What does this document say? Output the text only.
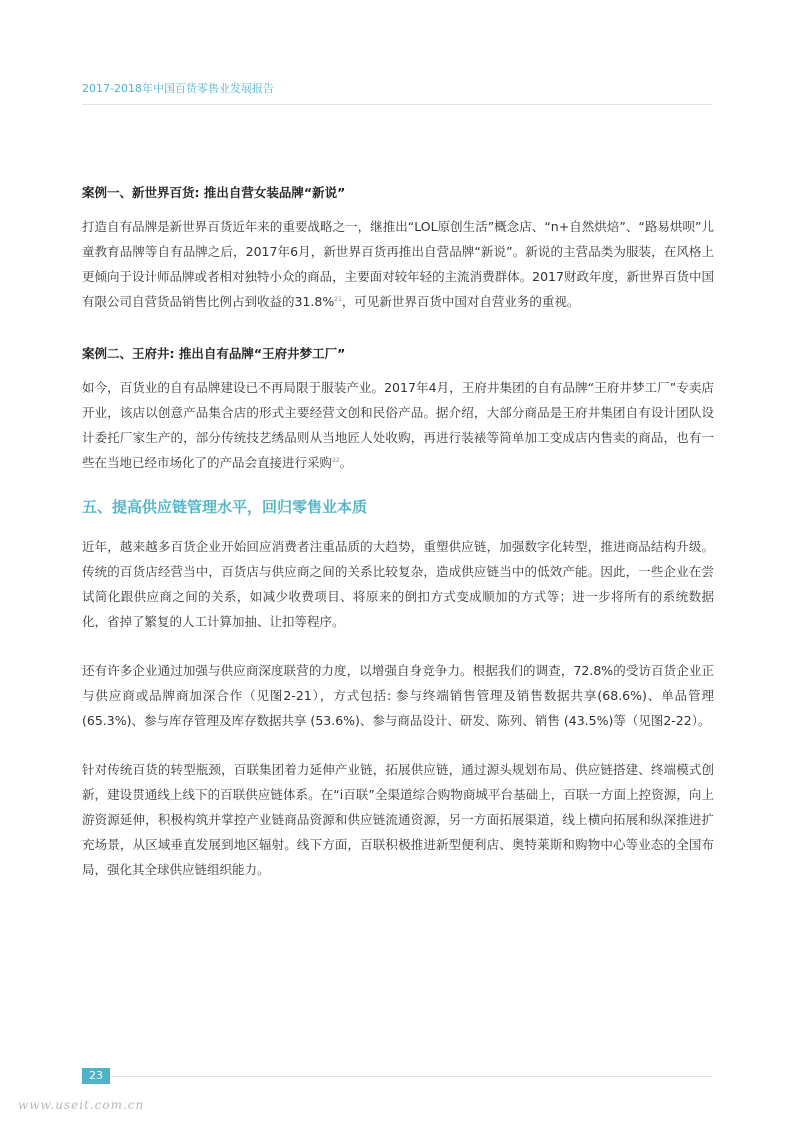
2017-2018年中国百货零售业发展报告

案例一、新世界百货: 推出自营女装品牌“新说”

打造自有品牌是新世界百货近年来的重要战略之一，继推出“LOL原创生活”概念店、“n+自然烘焙”、“路易烘呗”儿童教育品牌等自有品牌之后，2017年6月，新世界百货再推出自营品牌“新说”。新说的主营品类为服装，在风格上更倾向于设计师品牌或者相对独特小众的商品，主要面对较年轻的主流消费群体。2017财政年度，新世界百货中国有限公司自营货品销售比例占到收益的31.8%$^{21}$，可见新世界百货中国对自营业务的重视。

案例二、王府井: 推出自有品牌“王府井梦工厂”

如今，百货业的自有品牌建设已不再局限于服装产业。2017年4月，王府井集团的自有品牌“王府井梦工厂”专卖店开业，该店以创意产品集合店的形式主要经营文创和民俗产品。据介绍，大部分商品是王府井集团自有设计团队设计委托厂家生产的，部分传统技艺绣品则从当地匠人处收购，再进行装裱等简单加工变成店内售卖的商品，也有一些在当地已经市场化了的产品会直接进行采购$^{22}$。

五、提高供应链管理水平，回归零售业本质

近年，越来越多百货企业开始回应消费者注重品质的大趋势，重塑供应链，加强数字化转型，推进商品结构升级。传统的百货店经营当中，百货店与供应商之间的关系比较复杂，造成供应链当中的低效产能。因此，一些企业在尝试简化跟供应商之间的关系，如减少收费项目、将原来的倒扣方式变成顺加的方式等；进一步将所有的系统数据化，省掉了繁复的人工计算加抽、让扣等程序。

还有许多企业通过加强与供应商深度联营的力度，以增强自身竞争力。根据我们的调查，72.8%的受访百货企业正与供应商或品牌商加深合作（见图2-21），方式包括: 参与终端销售管理及销售数据共享(68.6%)、单品管理 (65.3%)、参与库存管理及库存数据共享 (53.6%)、参与商品设计、研发、陈列、销售 (43.5%)等（见图2-22）。

针对传统百货的转型瓶颈，百联集团着力延伸产业链，拓展供应链，通过源头规划布局、供应链搭建、终端模式创新，建设贯通线上线下的百联供应链体系。在“i百联”全渠道综合购物商城平台基础上，百联一方面上控资源，向上游资源延伸，积极构筑并掌控产业链商品资源和供应链流通资源，另一方面拓展渠道，线上横向拓展和纵深推进扩充场景，从区域垂直发展到地区辐射。线下方面，百联积极推进新型便利店、奥特莱斯和购物中心等业态的全国布局，强化其全球供应链组织能力。

23
www.useit.com.cn
